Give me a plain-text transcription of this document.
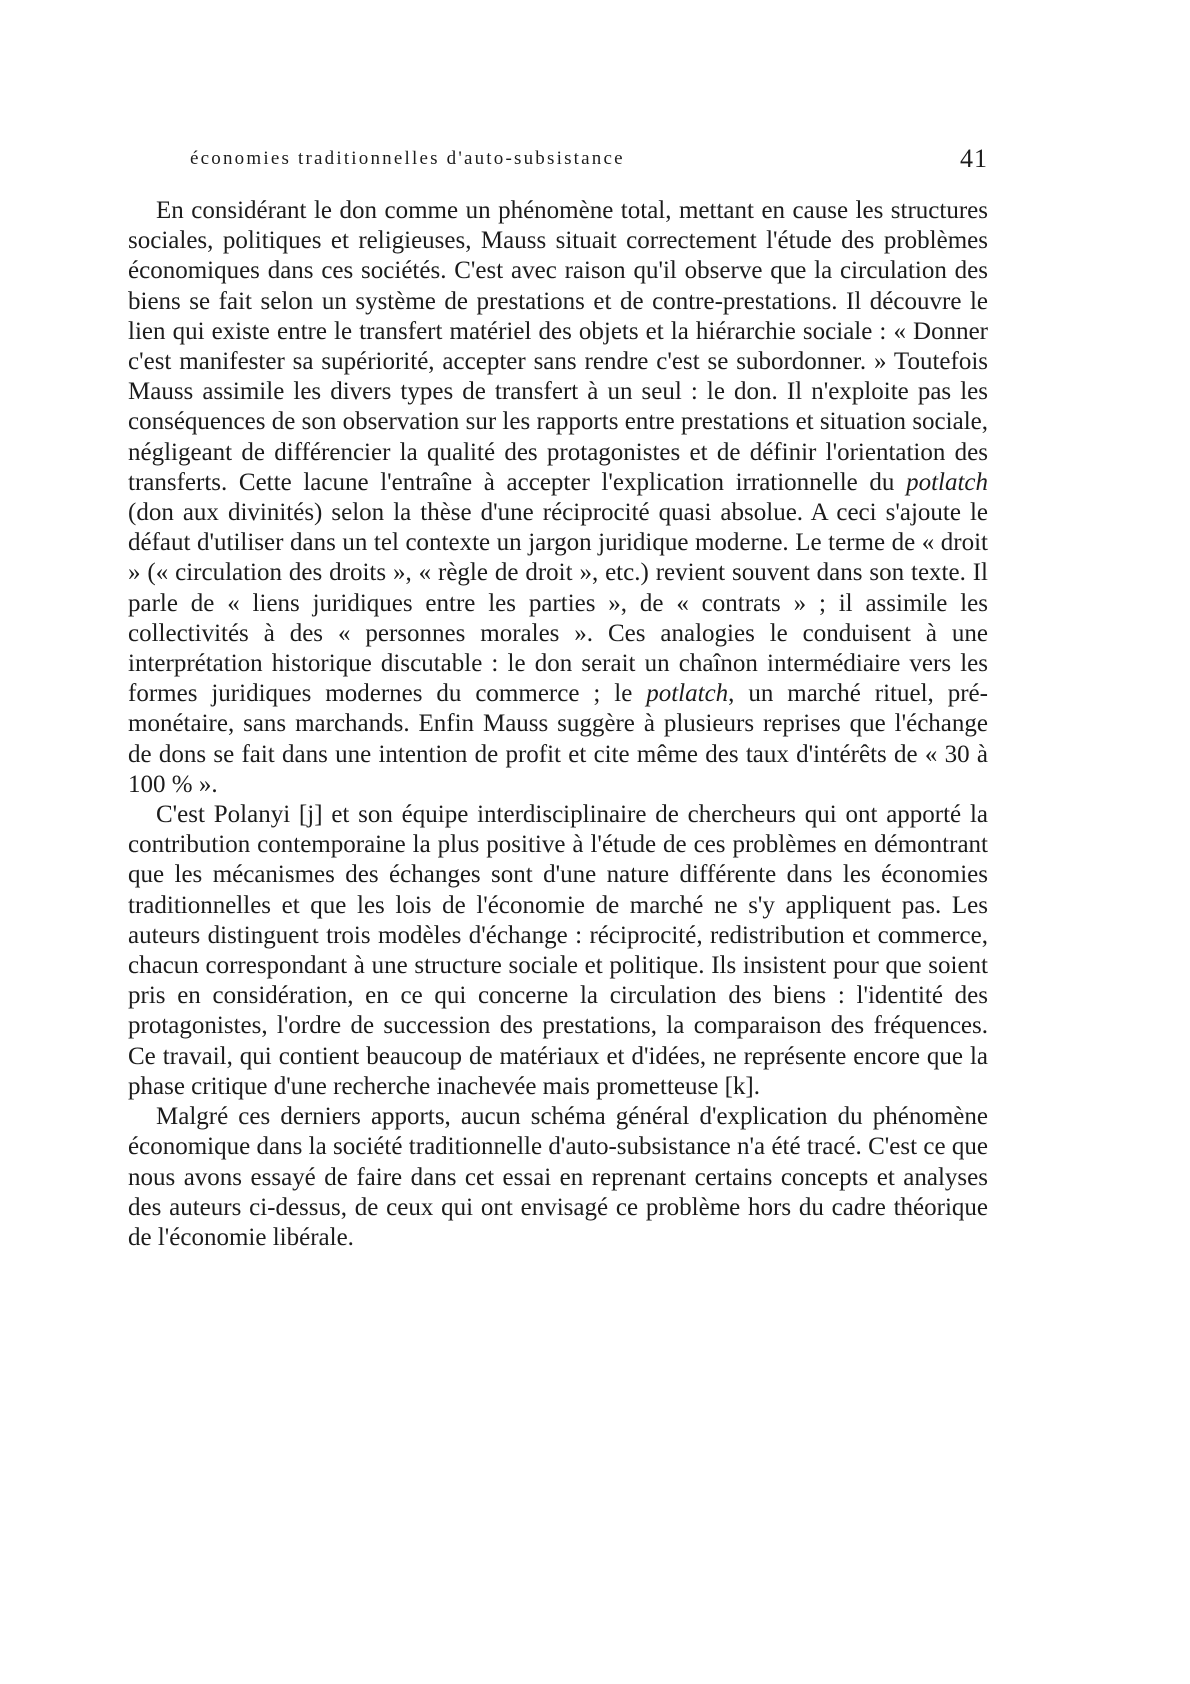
économies traditionnelles d'auto-subsistance	41

En considérant le don comme un phénomène total, mettant en cause les structures sociales, politiques et religieuses, Mauss situait correctement l'étude des problèmes économiques dans ces sociétés. C'est avec raison qu'il observe que la circulation des biens se fait selon un système de prestations et de contre-prestations. Il découvre le lien qui existe entre le transfert matériel des objets et la hiérarchie sociale : « Donner c'est manifester sa supériorité, accepter sans rendre c'est se subordonner. » Toutefois Mauss assimile les divers types de transfert à un seul : le don. Il n'exploite pas les conséquences de son observation sur les rapports entre prestations et situation sociale, négligeant de différencier la qualité des protagonistes et de définir l'orientation des transferts. Cette lacune l'entraîne à accepter l'explication irrationnelle du potlatch (don aux divinités) selon la thèse d'une réciprocité quasi absolue. A ceci s'ajoute le défaut d'utiliser dans un tel contexte un jargon juridique moderne. Le terme de « droit » (« circulation des droits », « règle de droit », etc.) revient souvent dans son texte. Il parle de « liens juridiques entre les parties », de « contrats » ; il assimile les collectivités à des « personnes morales ». Ces analogies le conduisent à une interprétation historique discutable : le don serait un chaînon intermédiaire vers les formes juridiques modernes du commerce ; le potlatch, un marché rituel, pré-monétaire, sans marchands. Enfin Mauss suggère à plusieurs reprises que l'échange de dons se fait dans une intention de profit et cite même des taux d'intérêts de « 30 à 100 % ».

C'est Polanyi [j] et son équipe interdisciplinaire de chercheurs qui ont apporté la contribution contemporaine la plus positive à l'étude de ces problèmes en démontrant que les mécanismes des échanges sont d'une nature différente dans les économies traditionnelles et que les lois de l'économie de marché ne s'y appliquent pas. Les auteurs distinguent trois modèles d'échange : réciprocité, redistribution et commerce, chacun correspondant à une structure sociale et politique. Ils insistent pour que soient pris en considération, en ce qui concerne la circulation des biens : l'identité des protagonistes, l'ordre de succession des prestations, la comparaison des fréquences. Ce travail, qui contient beaucoup de matériaux et d'idées, ne représente encore que la phase critique d'une recherche inachevée mais prometteuse [k].

Malgré ces derniers apports, aucun schéma général d'explication du phénomène économique dans la société traditionnelle d'auto-subsistance n'a été tracé. C'est ce que nous avons essayé de faire dans cet essai en reprenant certains concepts et analyses des auteurs ci-dessus, de ceux qui ont envisagé ce problème hors du cadre théorique de l'économie libérale.
